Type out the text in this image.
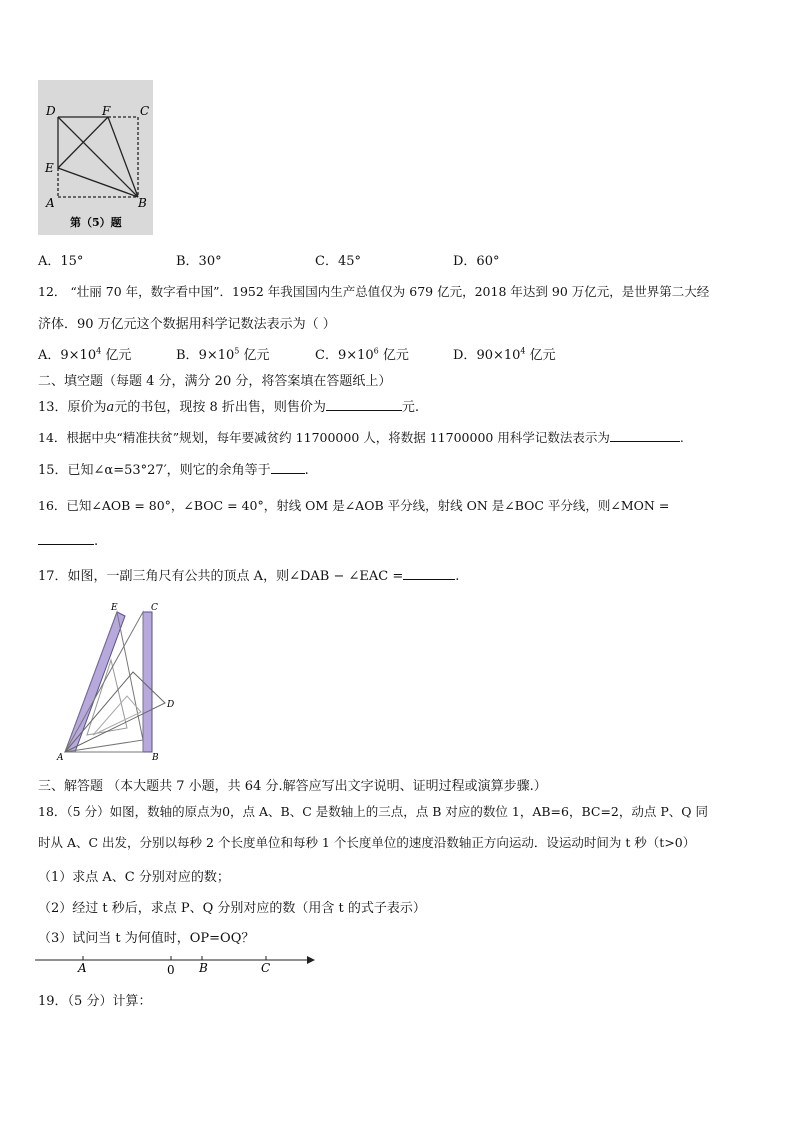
D	F C
E
A	B
第（5）题
A．15°	B．30°	C．45°	D．60°
12． “壮丽 70 年，数字看中国”．1952 年我国国内生产总值仅为 679 亿元，2018 年达到 90 万亿元，是世界第二大经
济体．90 万亿元这个数据用科学记数法表示为（ ）
A．$9\times 10^4$ 亿元	B．$9\times 10^5$ 亿元	C．$9\times 10^6$ 亿元	D．$90\times 10^4$ 亿元
二、填空题（每题 4 分，满分 20 分，将答案填在答题纸上）
13．原价为a元的书包，现按 8 折出售，则售价为	元.
14．根据中央“精准扶贫”规划，每年要减贫约 11700000 人，将数据 11700000 用科学记数法表示为	.
15．已知∠α=53°27′，则它的余角等于	.
16．已知∠AOB = 80°，∠BOC = 40°，射线 OM 是∠AOB 平分线，射线 ON 是∠BOC 平分线，则∠MON =
.
17．如图，一副三角尺有公共的顶点 A，则∠DAB − ∠EAC =	.
E	C
D
A	B
三、解答题 （本大题共 7 小题，共 64 分.解答应写出文字说明、证明过程或演算步骤.）
18．（5 分）如图，数轴的原点为0，点 A、B、C 是数轴上的三点，点 B 对应的数位 1，AB=6，BC=2，动点 P、Q 同
时从 A、C 出发，分别以每秒 2 个长度单位和每秒 1 个长度单位的速度沿数轴正方向运动．设运动时间为 t 秒（t>0）
（1）求点 A、C 分别对应的数；
（2）经过 t 秒后，求点 P、Q 分别对应的数（用含 t 的式子表示）
（3）试问当 t 为何值时，OP=OQ？
A	0 B	C
19．（5 分）计算：
